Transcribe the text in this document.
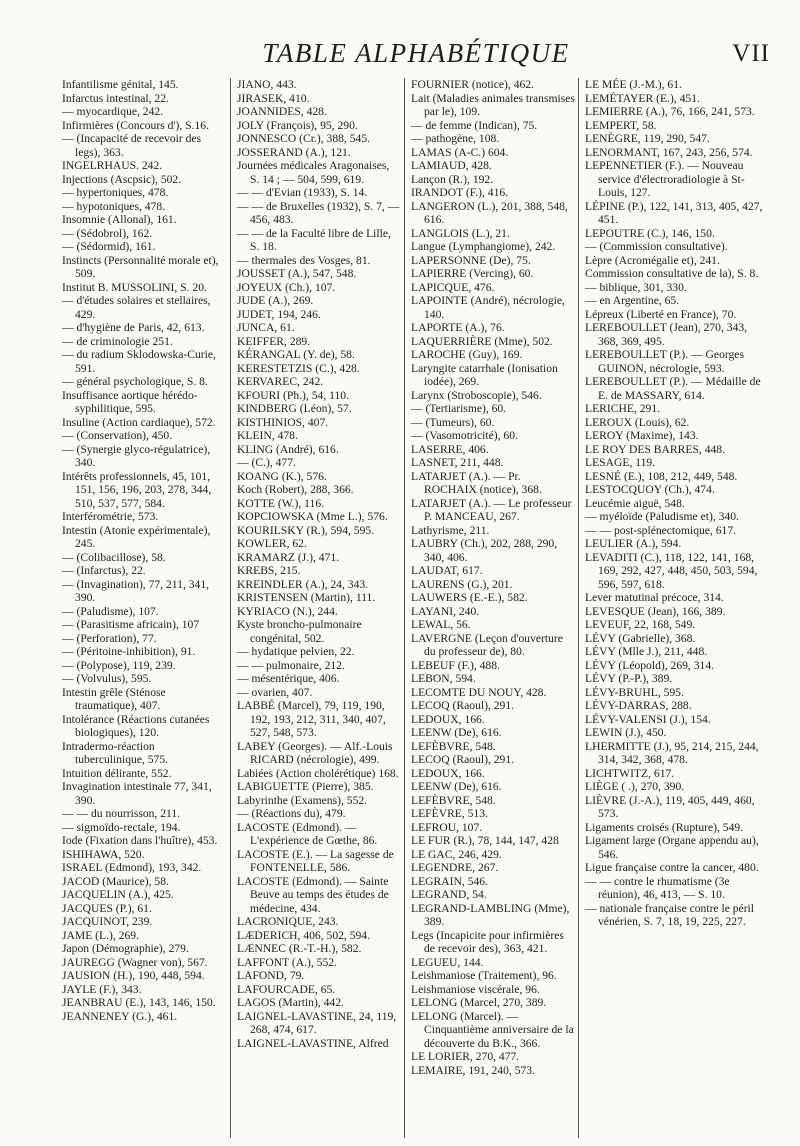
TABLE ALPHABÉTIQUE	VII

Infantilisme génital, 145.

Infarctus intestinal, 22.

— myocardique, 242.

Infirmières (Concours d'), S.16.

— (Incapacité de recevoir des legs), 363.

INGELRHAUS. 242.

Injections (Ascpsic), 502.

— hypertoniques, 478.

— hypotoniques, 478.

Insomnie (Allonal), 161.

— (Sédobrol), 162.

— (Sédormid), 161.

Instincts (Personnalité morale et), 509.

Institut B. MUSSOLINI, S. 20.

— d'études solaires et stellaires, 429.

— d'hygiène de Paris, 42, 613.

— de criminologie 251.

— du radium Sklodowska-Curie, 591.

— général psychologique, S. 8.

Insuffisance aortique hérédo-syphilitique, 595.

Insuline (Action cardiaque), 572.

— (Conservation), 450.

— (Synergie glyco-régulatrice), 340.

Intérêts professionnels, 45, 101, 151, 156, 196, 203, 278, 344, 510, 537, 577, 584.

Interférométrie, 573.

Intestin (Atonie expérimentale), 245.

— (Colibacillose), 58.

— (Infarctus), 22.

— (Invagination), 77, 211, 341, 390.

— (Paludisme), 107.

— (Parasitisme africain), 107

— (Perforation), 77.

— (Péritoine-inhibition), 91.

— (Polypose), 119, 239.

— (Volvulus), 595.

Intestin grêle (Sténose traumatique), 407.

Intolérance (Réactions cutanées biologiques), 120.

Intradermo-réaction tuberculinique, 575.

Intuition délirante, 552.

Invagination intestinale 77, 341, 390.

— — du nourrisson, 211.

— sigmoïdo-rectale, 194.

Iode (Fixation dans l'huître), 453.

ISHIHAWA, 520.

ISRAEL (Edmond), 193, 342.

JACOD (Maurice), 58.

JACQUELIN (A.), 425.

JACQUES (P.), 61.

JACQUINOT, 239.

JAME (L.), 269.

Japon (Démographie), 279.

JAUREGG (Wagner von), 567.

JAUSION (H.), 190, 448, 594.

JAYLE (F.), 343.

JEANBRAU (E.), 143, 146, 150.

JEANNENEY (G.), 461.

JIANO, 443.

JIRASEK, 410.

JOANNIDES, 428.

JOLY (François), 95, 290.

JONNESCO (Cr.), 388, 545.

JOSSERAND (A.), 121.

Journées médicales Aragonaises, S. 14 ; — 504, 599, 619.

— — d'Evian (1933), S. 14.

— — de Bruxelles (1932), S. 7, — 456, 483.

— — de la Faculté libre de Lille, S. 18.

— thermales des Vosges, 81.

JOUSSET (A.), 547, 548.

JOYEUX (Ch.), 107.

JUDE (A.), 269.

JUDET, 194, 246.

JUNCA, 61.

KEIFFER, 289.

KÉRANGAL (Y. de), 58.

KERESTETZIS (C.), 428.

KERVAREC, 242.

KFOURI (Ph.), 54, 110.

KINDBERG (Léon), 57.

KISTHINIOS, 407.

KLEIN, 478.

KLING (André), 616.

— (C.), 477.

KOANG (K.), 576.

Koch (Robert), 288, 366.

KOTTE (W.), 116.

KOPCIOWSKA (Mme L.), 576.

KOURILSKY (R.), 594, 595.

KOWLER, 62.

KRAMARZ (J.), 471.

KREBS, 215.

KREINDLER (A.), 24, 343.

KRISTENSEN (Martin), 111.

KYRIACO (N.), 244.

Kyste broncho-pulmonaire congénital, 502.

— hydatique pelvien, 22.

— — pulmonaire, 212.

— mésentérique, 406.

— ovarien, 407.

LABBÉ (Marcel), 79, 119, 190, 192, 193, 212, 311, 340, 407, 527, 548, 573.

LABEY (Georges). — Alf.-Louis RICARD (nécrologie), 499.

Labiées (Action cholérétique) 168.

LABIGUETTE (Pierre), 385.

Labyrinthe (Examens), 552.

— (Réactions du), 479.

LACOSTE (Edmond). — L'expérience de Gœthe, 86.

LACOSTE (E.). — La sagesse de FONTENELLE, 586.

LACOSTE (Edmond). — Sainte Beuve au temps des études de médecine, 434.

LACRONIQUE, 243.

LÆDERICH, 406, 502, 594.

LÆNNEC (R.-T.-H.), 582.

LAFFONT (A.), 552.

LAFOND, 79.

LAFOURCADE, 65.

LAGOS (Martin), 442.

LAIGNEL-LAVASTINE, 24, 119, 268, 474, 617.

LAIGNEL-LAVASTINE, Alfred

FOURNIER (notice), 462.

Lait (Maladies animales transmises par le), 109.

— de femme (Indican), 75.

— pathogène, 108.

LAMAS (A-C.) 604.

LAMIAUD, 428.

Lançon (R.), 192.

IRANDOT (F.), 416.

LANGERON (L.), 201, 388, 548, 616.

LANGLOIS (L.), 21.

Langue (Lymphangiome), 242.

LAPERSONNE (De), 75.

LAPIERRE (Vercing), 60.

LAPICQUE, 476.

LAPOINTE (André), nécrologie, 140.

LAPORTE (A.), 76.

LAQUERRIÈRE (Mme), 502.

LAROCHE (Guy), 169.

Laryngite catarrhale (Ionisation iodée), 269.

Larynx (Stroboscopie), 546.

— (Tertiarisme), 60.

— (Tumeurs), 60.

— (Vasomotricité), 60.

LASERRE, 406.

LASNET, 211, 448.

LATARJET (A.). — Pr. ROCHAIX (notice), 368.

LATARJET (A.). — Le professeur P. MANCEAU, 267.

Lathyrisme, 211.

LAUBRY (Ch.), 202, 288, 290, 340, 406.

LAUDAT, 617.

LAURENS (G.), 201.

LAUWERS (E.-E.), 582.

LAYANI, 240.

LEWAL, 56.

LAVERGNE (Leçon d'ouverture du professeur de), 80.

LEBEUF (F.), 488.

LEBON, 594.

LECOMTE DU NOUY, 428.

LECOQ (Raoul), 291.

LEDOUX, 166.

LEENW (De), 616.

LEFÈBVRE, 548.

LECOQ (Raoul), 291.

LEDOUX, 166.

LEENW (De), 616.

LEFÈBVRE, 548.

LEFÈVRE, 513.

LEFROU, 107.

LE FUR (R.), 78, 144, 147, 428

LE GAC, 246, 429.

LEGENDRE, 267.

LEGRAIN, 546.

LEGRAND, 54.

LEGRAND-LAMBLING (Mme), 389.

Legs (Incapicite pour infirmières de recevoir des), 363, 421.

LEGUEU, 144.

Leishmaniose (Traitement), 96.

Leishmaniose viscérale, 96.

LELONG (Marcel, 270, 389.

LELONG (Marcel). — Cinquantième anniversaire de la découverte du B.K., 366.

LE LORIER, 270, 477.

LEMAIRE, 191, 240, 573.

LE MÉE (J.-M.), 61.

LEMÉTAYER (E.), 451.

LEMIERRE (A.), 76, 166, 241, 573.

LEMPERT, 58.

LENÈGRE, 119, 290, 547.

LENORMANT, 167, 243, 256, 574.

LEPENNETIER (F.). — Nouveau service d'électroradiologie à St-Louis, 127.

LÉPINE (P.), 122, 141, 313, 405, 427, 451.

LEPOUTRE (C.), 146, 150.

— (Commission consultative).

Lèpre (Acromégalie et), 241.

Commission consultative de la), S. 8.

— biblique, 301, 330.

— en Argentine, 65.

Lépreux (Liberté en France), 70.

LEREBOULLET (Jean), 270, 343, 368, 369, 495.

LEREBOULLET (P.). — Georges GUINON, nécrologie, 593.

LEREBOULLET (P.). — Médaille de E. de MASSARY, 614.

LERICHE, 291.

LEROUX (Louis), 62.

LEROY (Maxime), 143.

LE ROY DES BARRES, 448.

LESAGE, 119.

LESNÉ (E.), 108, 212, 449, 548.

LESTOCQUOY (Ch.), 474.

Leucémie aiguë, 548.

— myéloïde (Paludisme et), 340.

— — post-splénectomique, 617.

LEULIER (A.), 594.

LEVADITI (C.), 118, 122, 141, 168, 169, 292, 427, 448, 450, 503, 594, 596, 597, 618.

Lever matutinal précoce, 314.

LEVESQUE (Jean), 166, 389.

LEVEUF, 22, 168, 549.

LÉVY (Gabrielle), 368.

LÉVY (Mlle J.), 211, 448.

LÉVY (Léopold), 269, 314.

LÉVY (P.-P.), 389.

LÉVY-BRUHL, 595.

LÉVY-DARRAS, 288.

LÉVY-VALENSI (J.), 154.

LEWIN (J.), 450.

LHERMITTE (J.), 95, 214, 215, 244, 314, 342, 368, 478.

LICHTWITZ, 617.

LIÈGE ( .), 270, 390.

LIÈVRE (J.-A.), 119, 405, 449, 460, 573.

Ligaments croisés (Rupture), 549.

Ligament large (Organe appendu au), 546.

Ligue française contre la cancer, 480.

— — contre le rhumatisme (3e réunion), 46, 413, — S. 10.

— nationale française contre le péril vénérien, S. 7, 18, 19, 225, 227.
